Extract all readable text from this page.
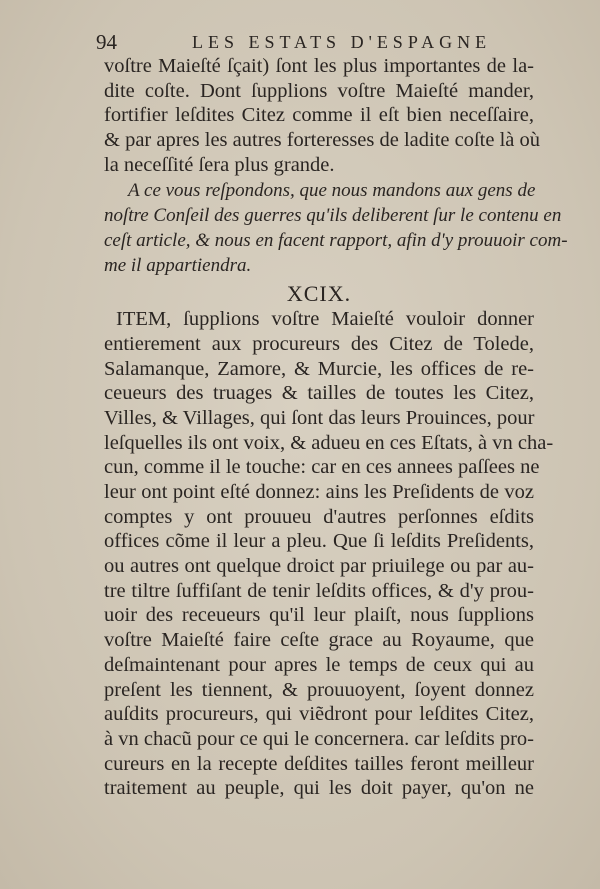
94	LES ESTATS D'ESPAGNE
voſtre Maieſté ſçait) ſont les plus importantes de la-
dite coſte. Dont ſupplions voſtre Maieſté mander,
fortifier leſdites Citez comme il eſt bien neceſſaire,
& par apres les autres forteresses de ladite coſte là où
la neceſſité ſera plus grande.
A ce vous reſpondons, que nous mandons aux gens de
noſtre Conſeil des guerres qu'ils deliberent ſur le contenu en
ceſt article, & nous en facent rapport, afin d'y prouuoir com-
me il appartiendra.
XCIX.
ITEM, ſupplions voſtre Maieſté vouloir donner
entierement aux procureurs des Citez de Tolede,
Salamanque, Zamore, & Murcie, les offices de re-
ceueurs des truages & tailles de toutes les Citez,
Villes, & Villages, qui ſont das leurs Prouinces, pour
leſquelles ils ont voix, & adueu en ces Eſtats, à vn cha-
cun, comme il le touche: car en ces annees paſſees ne
leur ont point eſté donnez: ains les Preſidents de voz
comptes y ont prouueu d'autres perſonnes eſdits
offices cõme il leur a pleu. Que ſi leſdits Preſidents,
ou autres ont quelque droict par priuilege ou par au-
tre tiltre ſuffiſant de tenir leſdits offices, & d'y prou-
uoir des receueurs qu'il leur plaiſt, nous ſupplions
voſtre Maieſté faire ceſte grace au Royaume, que
deſmaintenant pour apres le temps de ceux qui au
preſent les tiennent, & prouuoyent, ſoyent donnez
auſdits procureurs, qui viẽdront pour leſdites Citez,
à vn chacũ pour ce qui le concernera. car leſdits pro-
cureurs en la recepte deſdites tailles feront meilleur
traitement au peuple, qui les doit payer, qu'on ne
